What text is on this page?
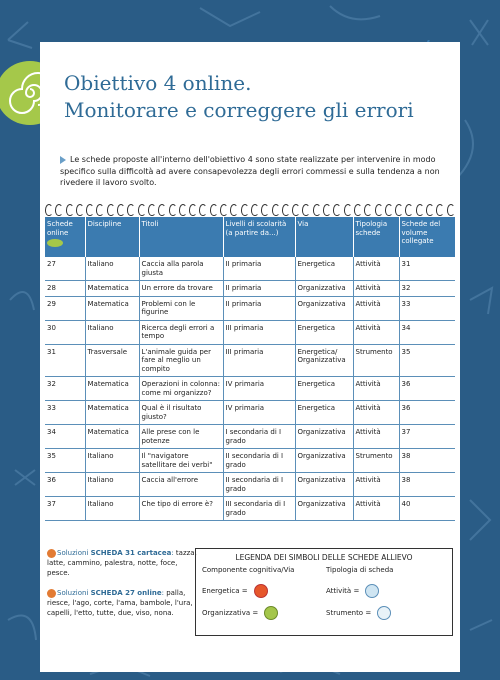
Obiettivo 4 online.
Monitorare e correggere gli errori
Le schede proposte all'interno dell'obiettivo 4 sono state realizzate per intervenire in modo specifico sulla difficoltà ad avere consapevolezza degli errori commessi e sulla tendenza a non rivedere il lavoro svolto.
Schede online	Discipline	Titoli	Livelli di scolarità (a partire da...)	Via	Tipologia schede	Schede del volume collegate
27	Italiano	Caccia alla parola giusta	II primaria	Energetica	Attività	31
28	Matematica	Un errore da trovare	II primaria	Organizzativa	Attività	32
29	Matematica	Problemi con le figurine	II primaria	Organizzativa	Attività	33
30	Italiano	Ricerca degli errori a tempo	III primaria	Energetica	Attività	34
31	Trasversale	L'animale guida per fare al meglio un compito	III primaria	Energetica/ Organizzativa	Strumento	35
32	Matematica	Operazioni in colonna: come mi organizzo?	IV primaria	Energetica	Attività	36
33	Matematica	Qual è il risultato giusto?	IV primaria	Energetica	Attività	36
34	Matematica	Alle prese con le potenze	I secondaria di I grado	Organizzativa	Attività	37
35	Italiano	Il "navigatore satellitare dei verbi"	II secondaria di I grado	Organizzativa	Strumento	38
36	Italiano	Caccia all'errore	II secondaria di I grado	Organizzativa	Attività	38
37	Italiano	Che tipo di errore è?	III secondaria di I grado	Organizzativa	Attività	40
Soluzioni SCHEDA 31 cartacea: tazza, latte, cammino, palestra, notte, foce, pesce.
Soluzioni SCHEDA 27 online: palla, riesce, l'ago, corte, l'ama, bambole, l'ura, capelli, l'etto, tutte, due, viso, nona.
LEGENDA DEI SIMBOLI DELLE SCHEDE ALLIEVO
Componente cognitiva/Via
Energetica =
Organizzativa =
Tipologia di scheda
Attività =
Strumento =
